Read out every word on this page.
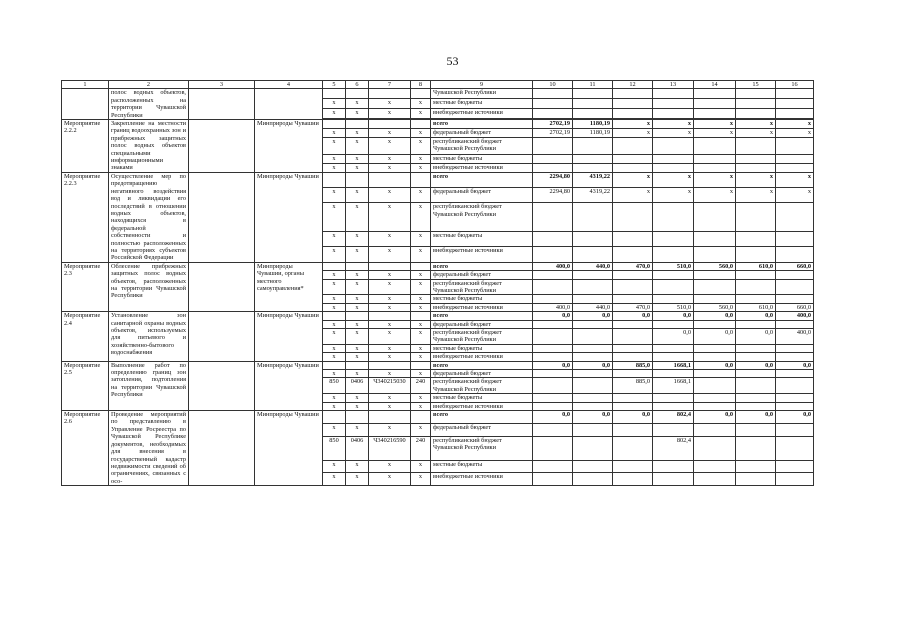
53
1	2	3	4	5	6	7	8	9	10	11	12	13	14	15	16
	полос водных объектов, расположенных на территории Чувашской Республики							Чувашской Республики							
				х	х	х	х	местные бюджеты							
				х	х	х	х	внебюджетные источники							

Мероприятие 2.2.2	Закрепление на местности границ водоохранных зон и прибрежных защитных полос водных объектов специальными информационными знаками		Минприроды Чувашии					всего	2702,19	1180,19	х	х	х	х	х
				х	х	х	х	федеральный бюджет	2702,19	1180,19	х	х	х	х	х
				х	х	х	х	республиканский бюджет Чувашской Республики							
				х	х	х	х	местные бюджеты							
				х	х	х	х	внебюджетные источники							
Мероприятие 2.2.3	Осуществление мер по предотвращению негативного воздействия вод и ликвидации его последствий в отношении водных объектов, находящихся в федеральной собственности и полностью расположенных на территориях субъектов Российской Федерации		Минприроды Чувашии					всего	2294,80	4319,22	х	х	х	х	х
				х	х	х	х	федеральный бюджет	2294,80	4319,22	х	х	х	х	х
				х	х	х	х	республиканский бюджет Чувашской Республики							
				х	х	х	х	местные бюджеты							
				х	х	х	х	внебюджетные источники							
Мероприятие 2.3	Облесение прибрежных защитных полос водных объектов, расположенных на территории Чувашской Республики		Минприроды Чувашии, органы местного самоуправления*					всего	400,0	440,0	470,0	510,0	560,0	610,0	660,0
				х	х	х	х	федеральный бюджет							
				х	х	х	х	республиканский бюджет Чувашской Республики							
				х	х	х	х	местные бюджеты							
				х	х	х	х	внебюджетные источники	400,0	440,0	470,0	510,0	560,0	610,0	660,0
Мероприятие 2.4	Установление зон санитарной охраны водных объектов, используемых для питьевого и хозяйственно-бытового водоснабжения		Минприроды Чувашии					всего	0,0	0,0	0,0	0,0	0,0	0,0	400,0
				х	х	х	х	федеральный бюджет							
				х	х	х	х	республиканский бюджет Чувашской Республики				0,0	0,0	0,0	400,0
				х	х	х	х	местные бюджеты							
				х	х	х	х	внебюджетные источники							
Мероприятие 2.5	Выполнение работ по определению границ зон затопления, подтопления на территории Чувашской Республики		Минприроды Чувашии					всего	0,0	0,0	885,0	1668,1	0,0	0,0	0,0
				х	х	х	х	федеральный бюджет							
				850	0406	Ч340215030	240	республиканский бюджет Чувашской Республики			885,0	1668,1			
				х	х	х	х	местные бюджеты							
				х	х	х	х	внебюджетные источники							
Мероприятие 2.6	Проведение мероприятий по представлению в Управление Росреестра по Чувашской Республике документов, необходимых для внесения в государственный кадастр недвижимости сведений об ограничениях, связанных с осо-		Минприроды Чувашии					всего	0,0	0,0	0,0	802,4	0,0	0,0	0,0
				х	х	х	х	федеральный бюджет							
				850	0406	Ч340216590	240	республиканский бюджет Чувашской Республики				802,4			
				х	х	х	х	местные бюджеты							
				х	х	х	х	внебюджетные источники							
